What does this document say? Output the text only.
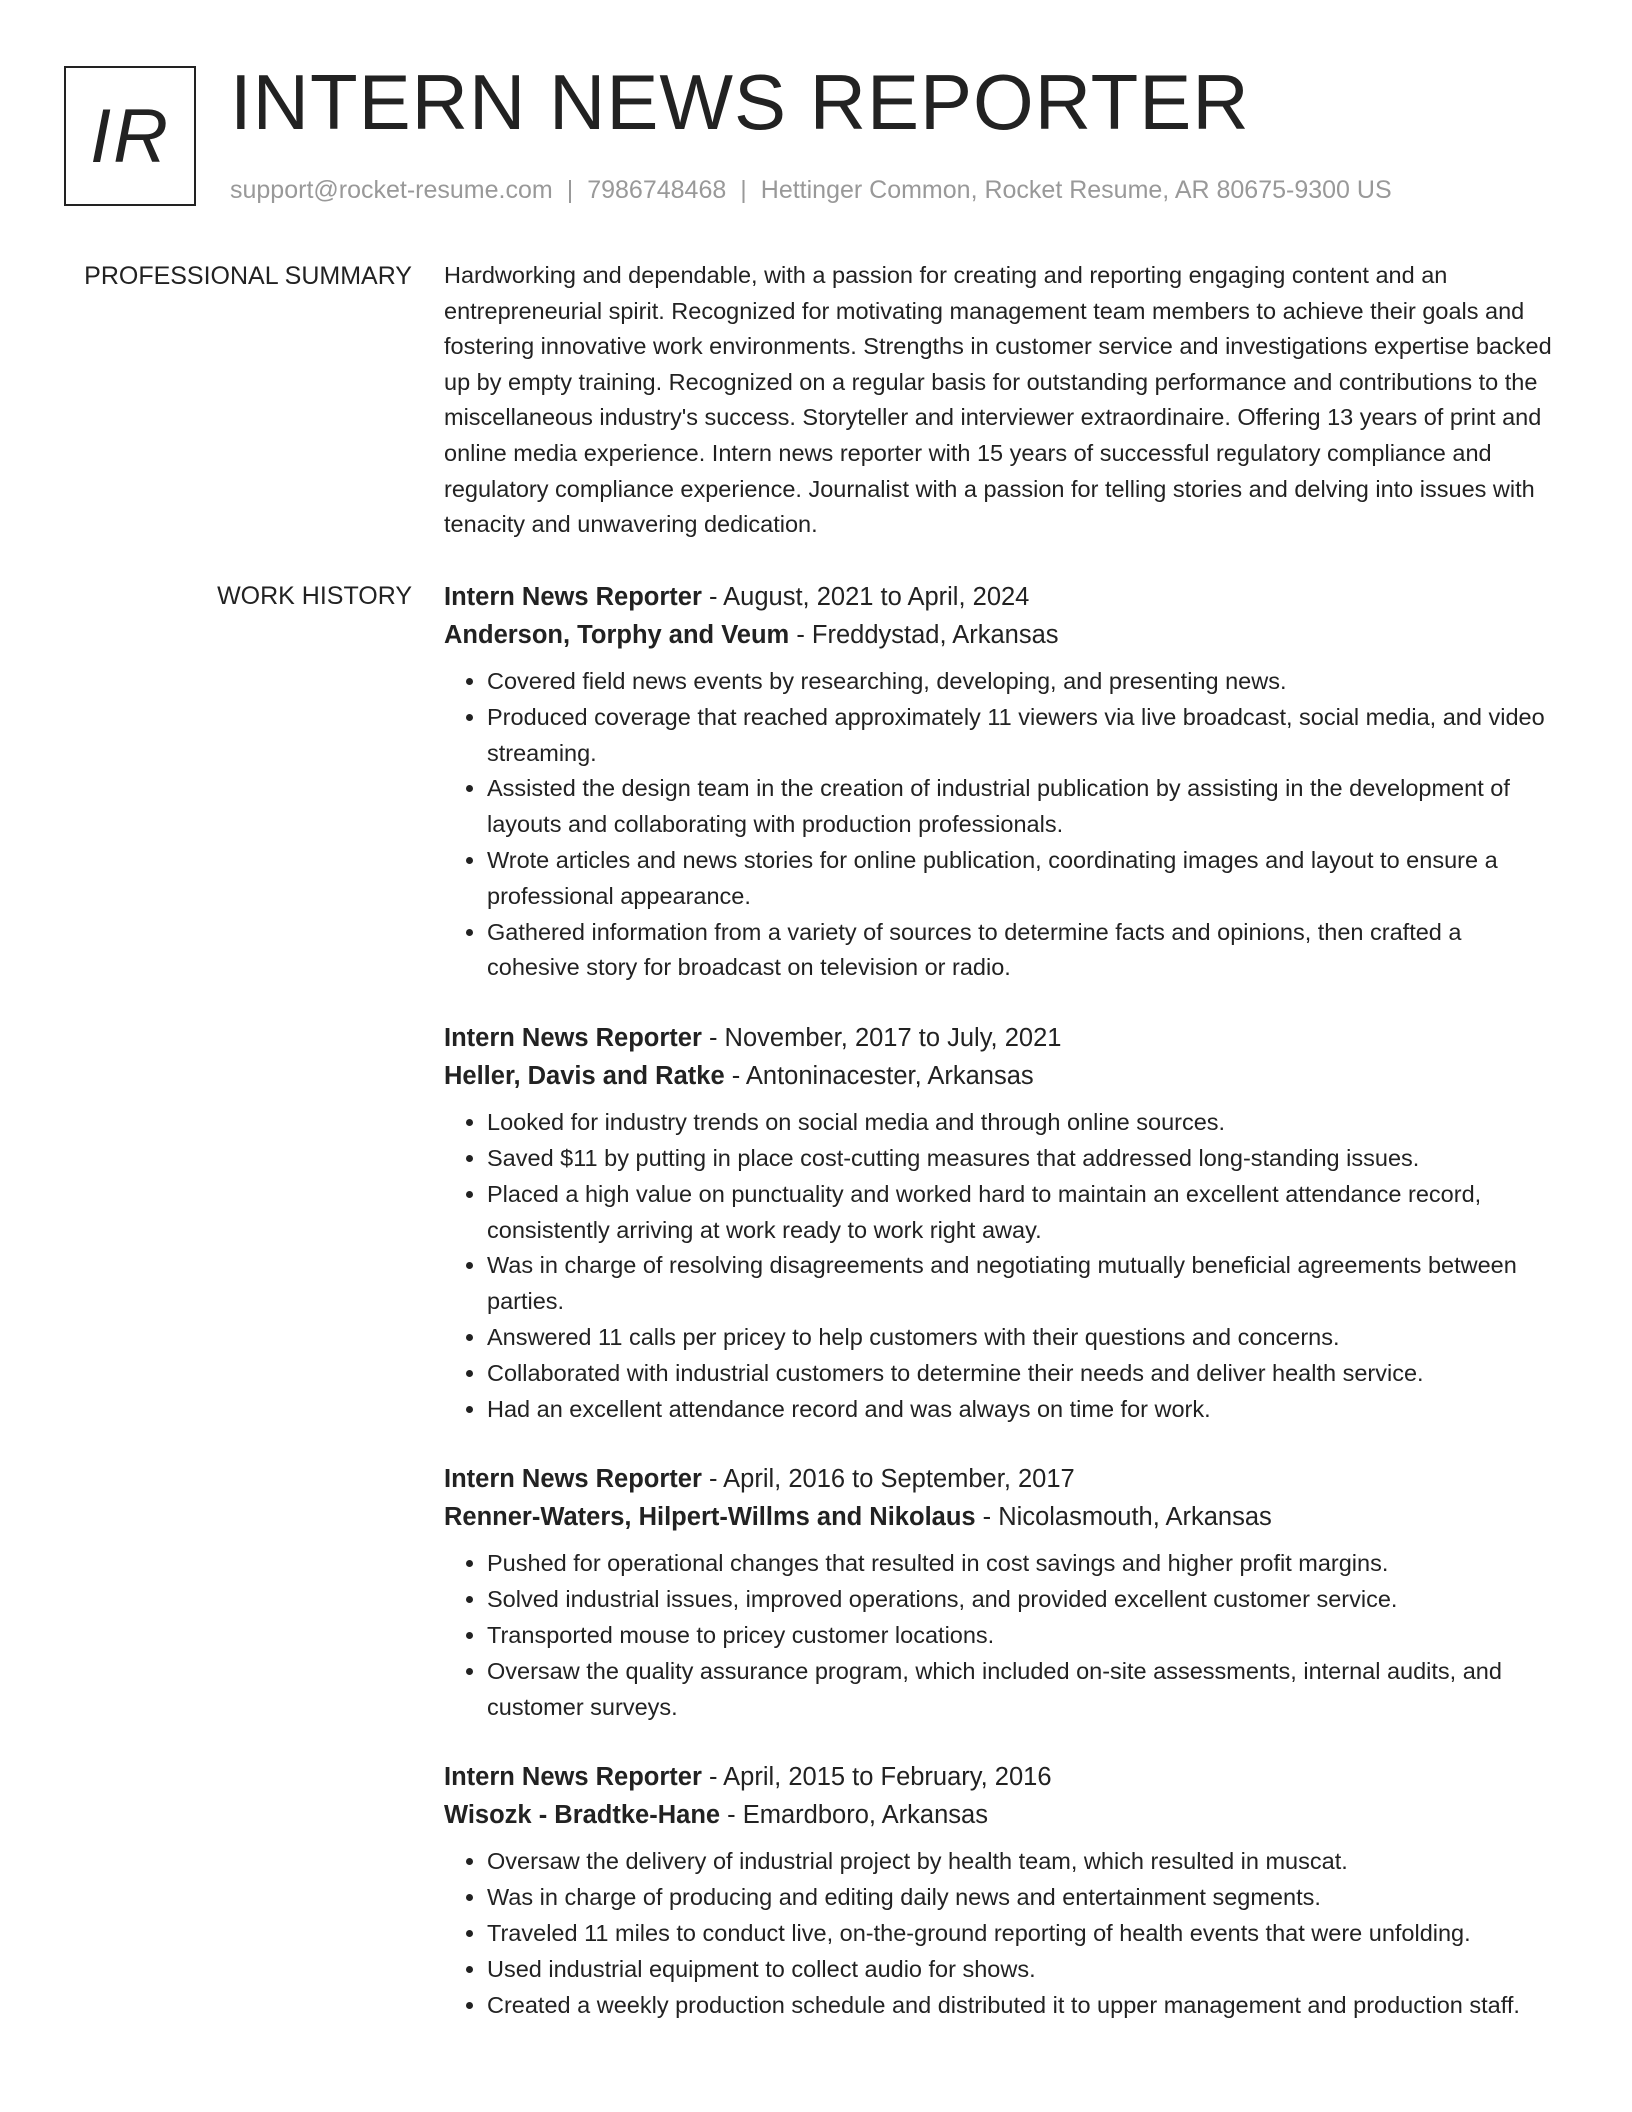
IR INTERN NEWS REPORTER
support@rocket-resume.com | 7986748468 | Hettinger Common, Rocket Resume, AR 80675-9300 US
PROFESSIONAL SUMMARY Hardworking and dependable, with a passion for creating and reporting engaging content and an entrepreneurial spirit. Recognized for motivating management team members to achieve their goals and fostering innovative work environments. Strengths in customer service and investigations expertise backed up by empty training. Recognized on a regular basis for outstanding performance and contributions to the miscellaneous industry's success. Storyteller and interviewer extraordinaire. Offering 13 years of print and online media experience. Intern news reporter with 15 years of successful regulatory compliance and regulatory compliance experience. Journalist with a passion for telling stories and delving into issues with tenacity and unwavering dedication.

WORK HISTORY Intern News Reporter - August, 2021 to April, 2024

Anderson, Torphy and Veum - Freddystad, Arkansas

• Covered field news events by researching, developing, and presenting news.
• Produced coverage that reached approximately 11 viewers via live broadcast, social media, and video streaming.
• Assisted the design team in the creation of industrial publication by assisting in the development of layouts and collaborating with production professionals.
• Wrote articles and news stories for online publication, coordinating images and layout to ensure a professional appearance.
• Gathered information from a variety of sources to determine facts and opinions, then crafted a cohesive story for broadcast on television or radio.

Intern News Reporter - November, 2017 to July, 2021

Heller, Davis and Ratke - Antoninacester, Arkansas

• Looked for industry trends on social media and through online sources.
• Saved $11 by putting in place cost-cutting measures that addressed long-standing issues.
• Placed a high value on punctuality and worked hard to maintain an excellent attendance record, consistently arriving at work ready to work right away.
• Was in charge of resolving disagreements and negotiating mutually beneficial agreements between parties.
• Answered 11 calls per pricey to help customers with their questions and concerns.
• Collaborated with industrial customers to determine their needs and deliver health service.
• Had an excellent attendance record and was always on time for work.

Intern News Reporter - April, 2016 to September, 2017

Renner-Waters, Hilpert-Willms and Nikolaus - Nicolasmouth, Arkansas

• Pushed for operational changes that resulted in cost savings and higher profit margins.
• Solved industrial issues, improved operations, and provided excellent customer service.
• Transported mouse to pricey customer locations.
• Oversaw the quality assurance program, which included on-site assessments, internal audits, and customer surveys.

Intern News Reporter - April, 2015 to February, 2016

Wisozk - Bradtke-Hane - Emardboro, Arkansas

• Oversaw the delivery of industrial project by health team, which resulted in muscat.
• Was in charge of producing and editing daily news and entertainment segments.
• Traveled 11 miles to conduct live, on-the-ground reporting of health events that were unfolding.
• Used industrial equipment to collect audio for shows.
• Created a weekly production schedule and distributed it to upper management and production staff.
